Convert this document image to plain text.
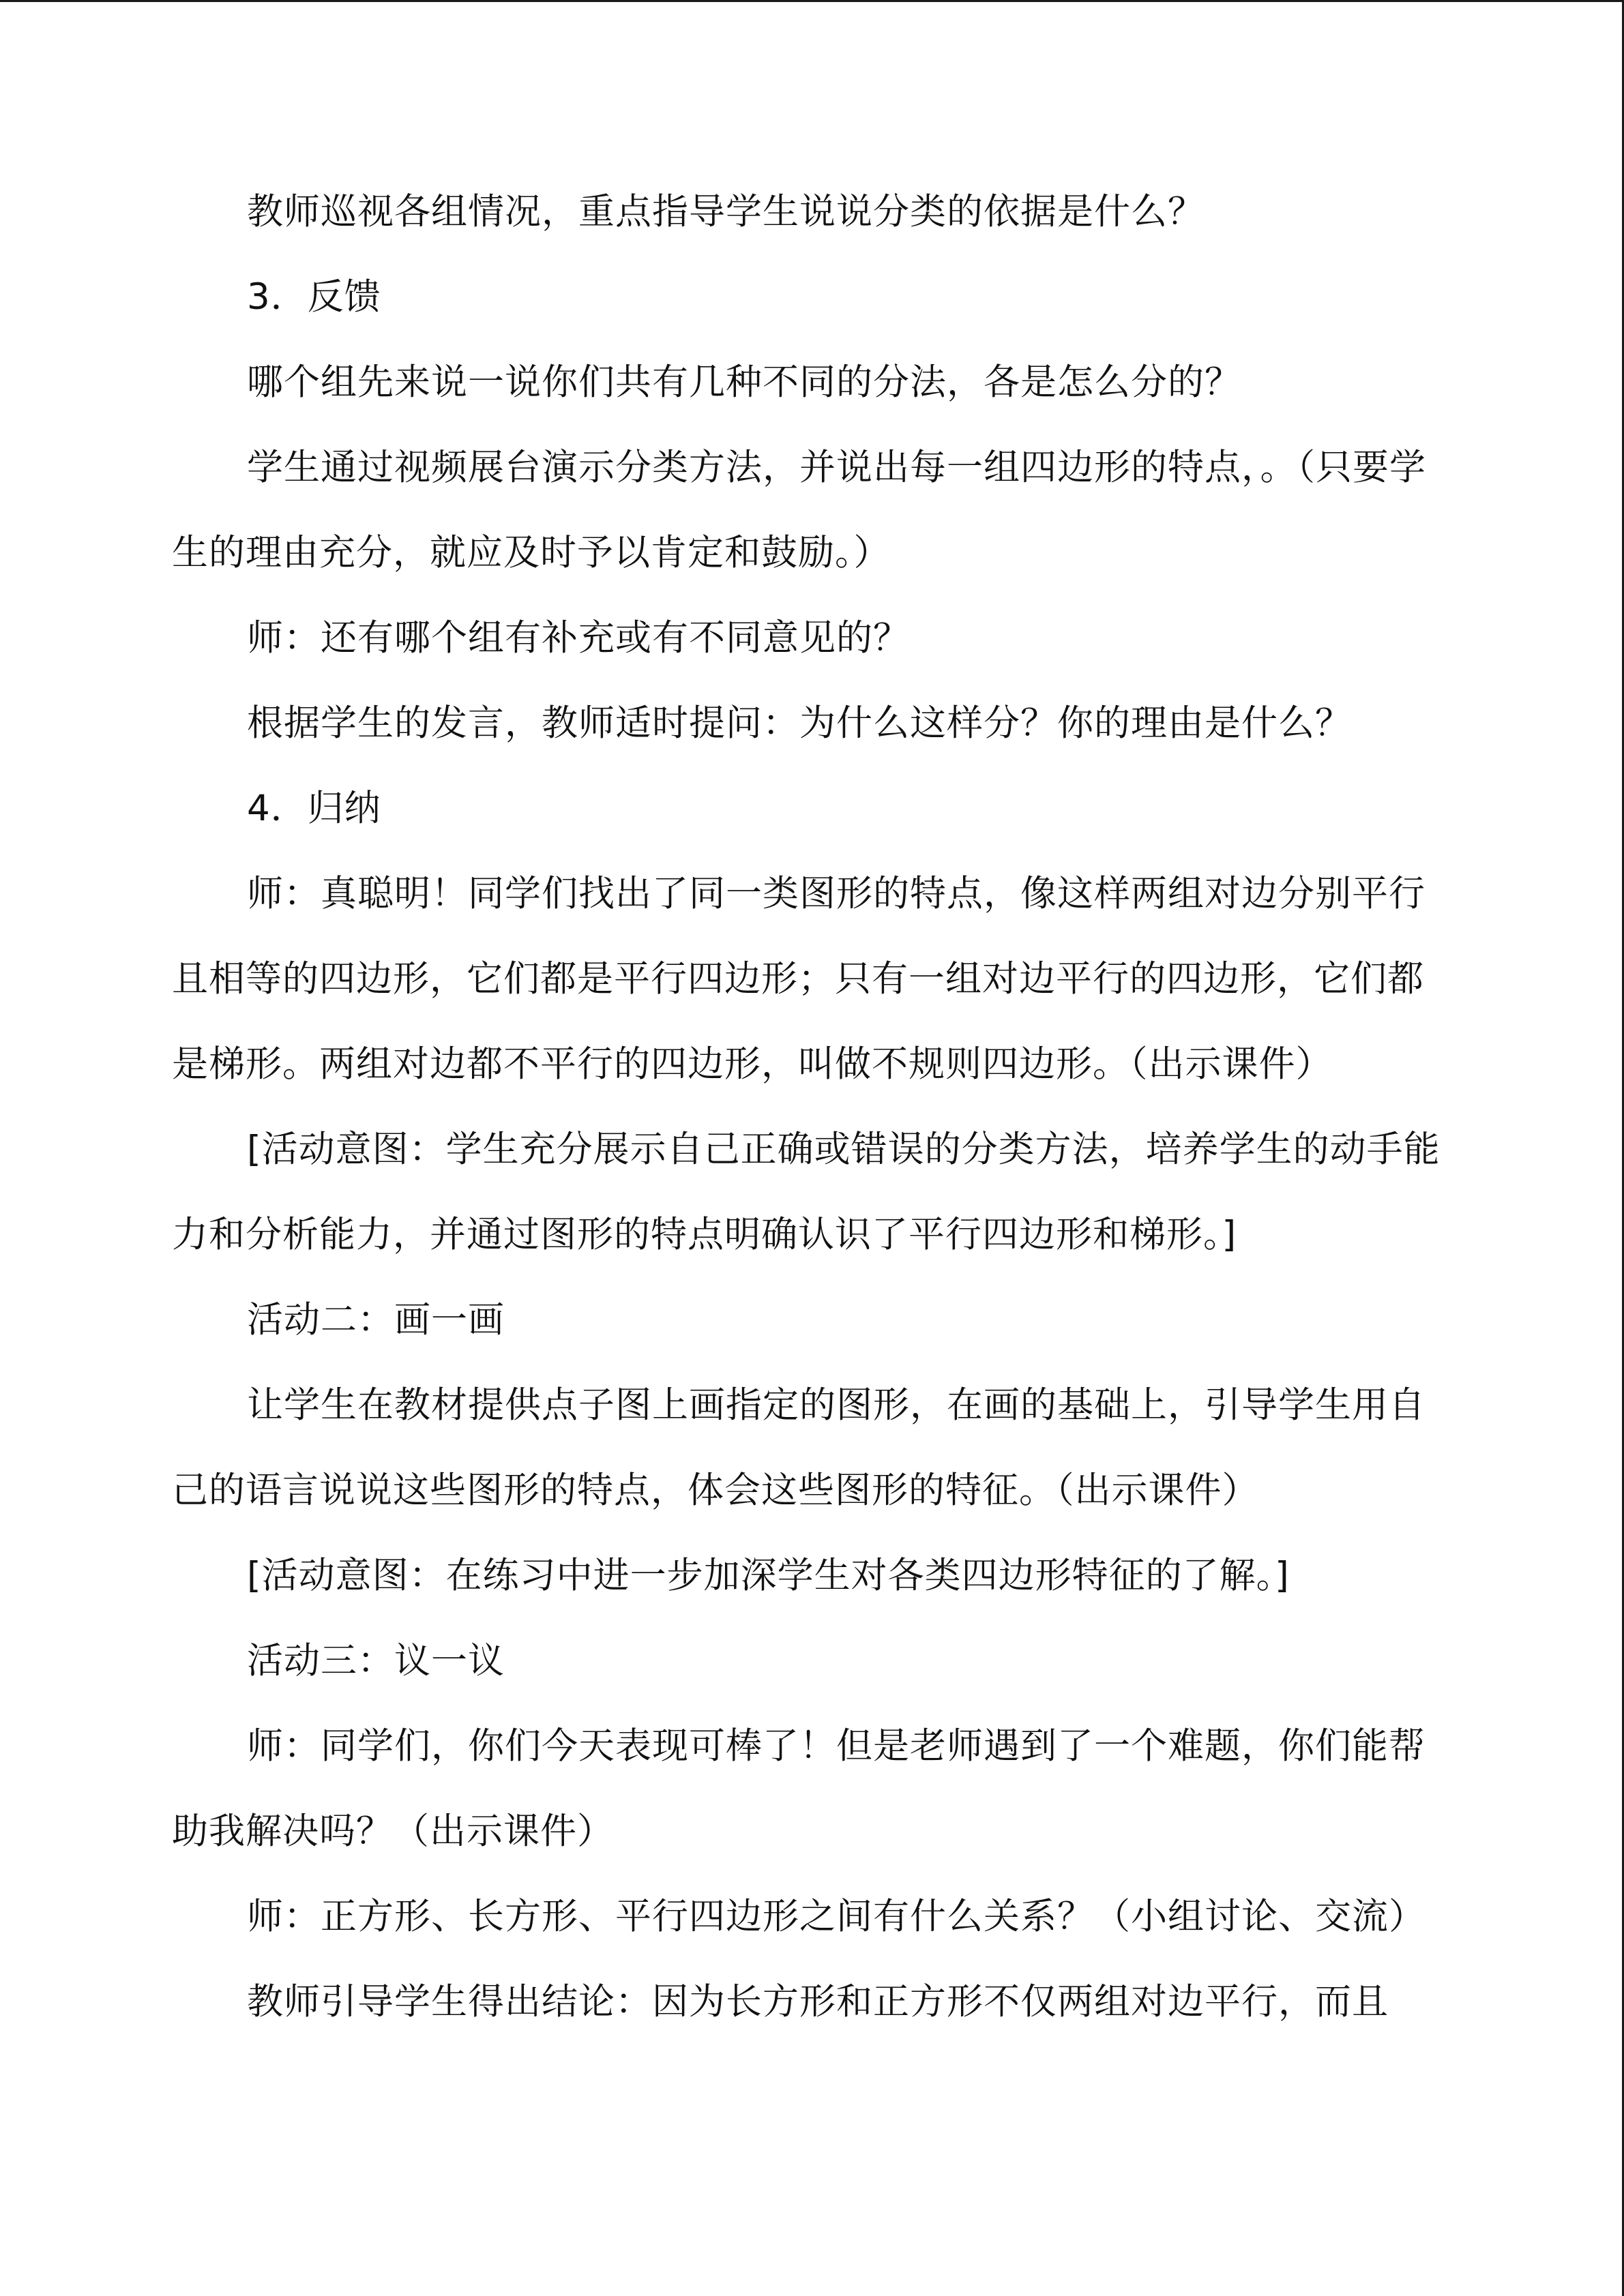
教师巡视各组情况，重点指导学生说说分类的依据是什么？

3．反馈

哪个组先来说一说你们共有几种不同的分法，各是怎么分的？

学生通过视频展台演示分类方法，并说出每一组四边形的特点，。（只要学生的理由充分，就应及时予以肯定和鼓励。）

师：还有哪个组有补充或有不同意见的？

根据学生的发言，教师适时提问：为什么这样分？你的理由是什么？

4．归纳

师：真聪明！同学们找出了同一类图形的特点，像这样两组对边分别平行且相等的四边形，它们都是平行四边形；只有一组对边平行的四边形，它们都是梯形。两组对边都不平行的四边形，叫做不规则四边形。（出示课件）

[活动意图：学生充分展示自己正确或错误的分类方法，培养学生的动手能力和分析能力，并通过图形的特点明确认识了平行四边形和梯形。]

活动二：画一画

让学生在教材提供点子图上画指定的图形，在画的基础上，引导学生用自己的语言说说这些图形的特点，体会这些图形的特征。（出示课件）

[活动意图：在练习中进一步加深学生对各类四边形特征的了解。]

活动三：议一议

师：同学们，你们今天表现可棒了！但是老师遇到了一个难题，你们能帮助我解决吗？（出示课件）

师：正方形、长方形、平行四边形之间有什么关系？（小组讨论、交流）

教师引导学生得出结论：因为长方形和正方形不仅两组对边平行，而且
